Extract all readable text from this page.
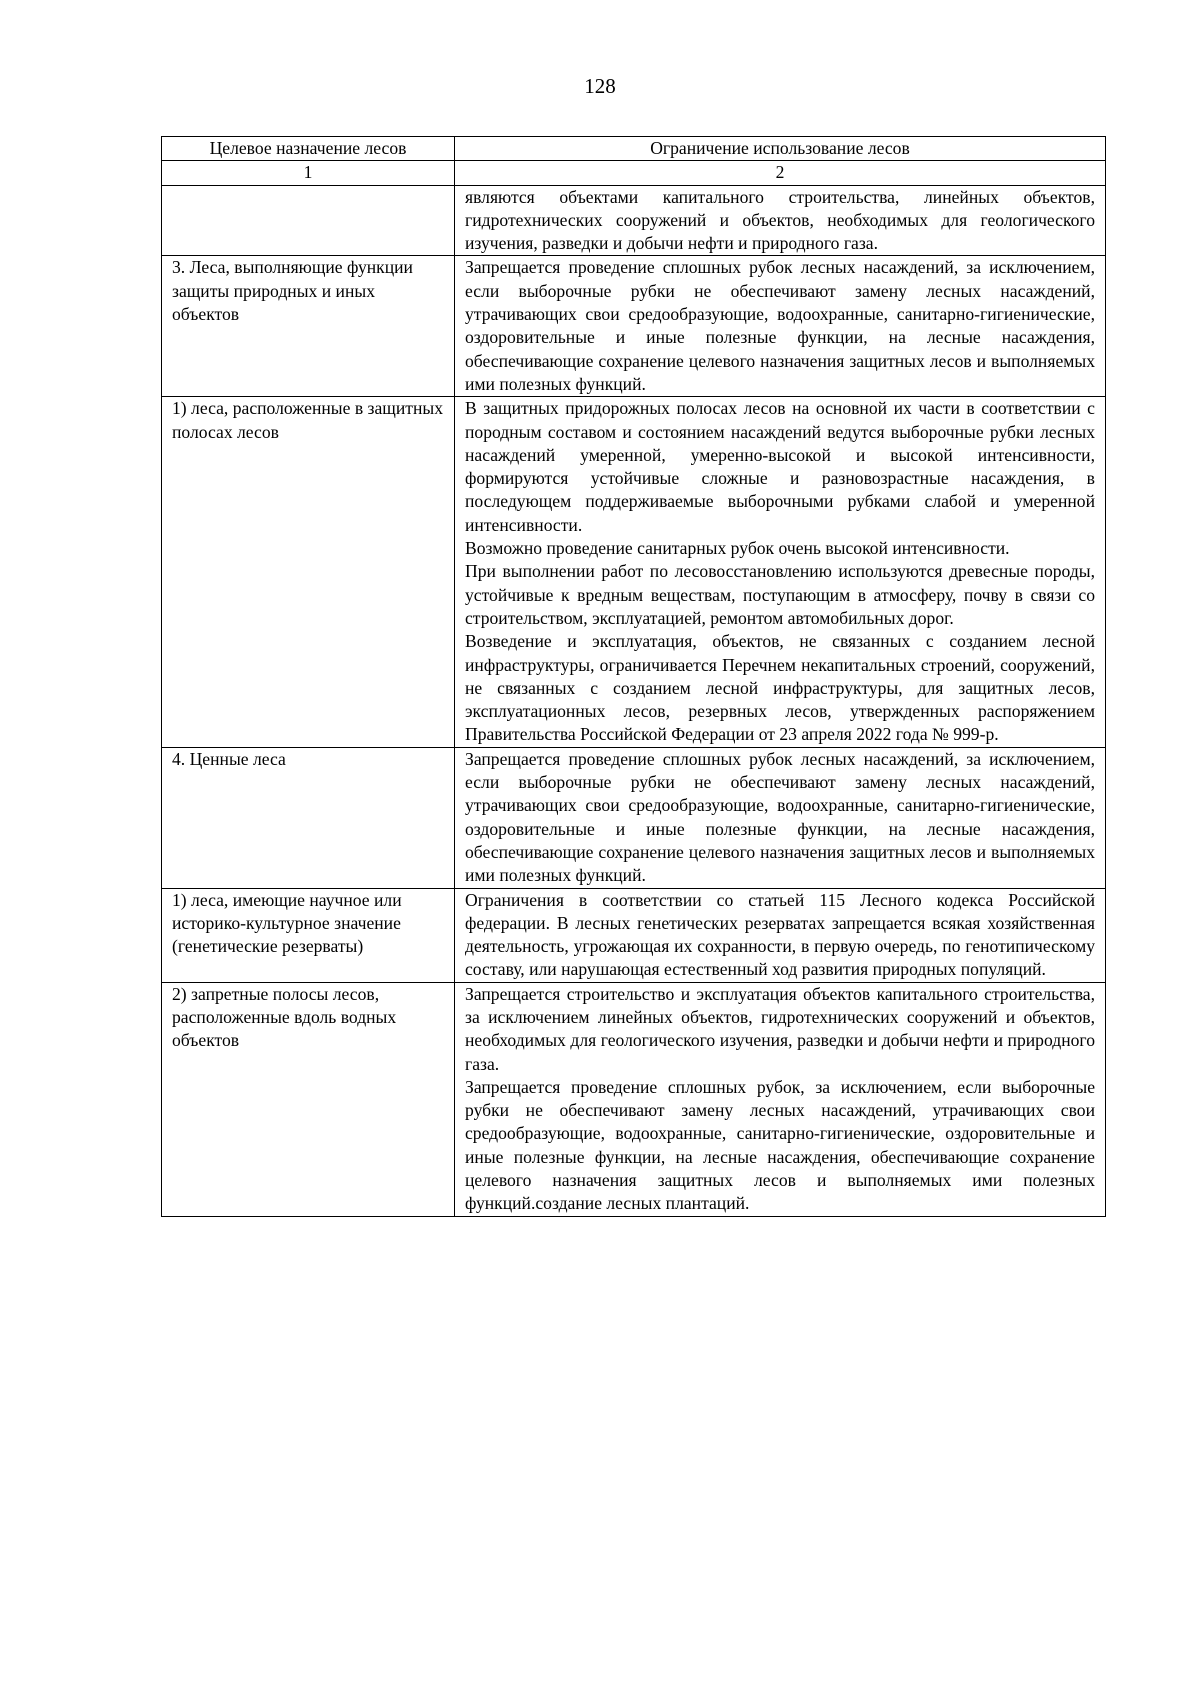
128
Целевое назначение лесов	Ограничение использование лесов
1	2

	являются объектами капитального строительства, линейных объектов, гидротехнических сооружений и объектов, необходимых для геологического изучения, разведки и добычи нефти и природного газа.

3. Леса, выполняющие функции защиты природных и иных объектов	Запрещается проведение сплошных рубок лесных насаждений, за исключением, если выборочные рубки не обеспечивают замену лесных насаждений, утрачивающих свои средообразующие, водоохранные, санитарно-гигиенические, оздоровительные и иные полезные функции, на лесные насаждения, обеспечивающие сохранение целевого назначения защитных лесов и выполняемых ими полезных функций.

1) леса, расположенные в защитных полосах лесов	В защитных придорожных полосах лесов на основной их части в соответствии с породным составом и состоянием насаждений ведутся выборочные рубки лесных насаждений умеренной, умеренно-высокой и высокой интенсивности, формируются устойчивые сложные и разновозрастные насаждения, в последующем поддерживаемые выборочными рубками слабой и умеренной интенсивности.

Возможно проведение санитарных рубок очень высокой интенсивности.

При выполнении работ по лесовосстановлению используются древесные породы, устойчивые к вредным веществам, поступающим в атмосферу, почву в связи со строительством, эксплуатацией, ремонтом автомобильных дорог.

Возведение и эксплуатация, объектов, не связанных с созданием лесной инфраструктуры, ограничивается Перечнем некапитальных строений, сооружений, не связанных с созданием лесной инфраструктуры, для защитных лесов, эксплуатационных лесов, резервных лесов, утвержденных распоряжением Правительства Российской Федерации от 23 апреля 2022 года № 999-р.

4. Ценные леса	Запрещается проведение сплошных рубок лесных насаждений, за исключением, если выборочные рубки не обеспечивают замену лесных насаждений, утрачивающих свои средообразующие, водоохранные, санитарно-гигиенические, оздоровительные и иные полезные функции, на лесные насаждения, обеспечивающие сохранение целевого назначения защитных лесов и выполняемых ими полезных функций.

1) леса, имеющие научное или историко-культурное значение (генетические резерваты)	Ограничения в соответствии со статьей 115 Лесного кодекса Российской федерации. В лесных генетических резерватах запрещается всякая хозяйственная деятельность, угрожающая их сохранности, в первую очередь, по генотипическому составу, или нарушающая естественный ход развития природных популяций.

2) запретные полосы лесов, расположенные вдоль водных объектов	Запрещается строительство и эксплуатация объектов капитального строительства, за исключением линейных объектов, гидротехнических сооружений и объектов, необходимых для геологического изучения, разведки и добычи нефти и природного газа.

Запрещается проведение сплошных рубок, за исключением, если выборочные рубки не обеспечивают замену лесных насаждений, утрачивающих свои средообразующие, водоохранные, санитарно-гигиенические, оздоровительные и иные полезные функции, на лесные насаждения, обеспечивающие сохранение целевого назначения защитных лесов и выполняемых ими полезных функций.создание лесных плантаций.
